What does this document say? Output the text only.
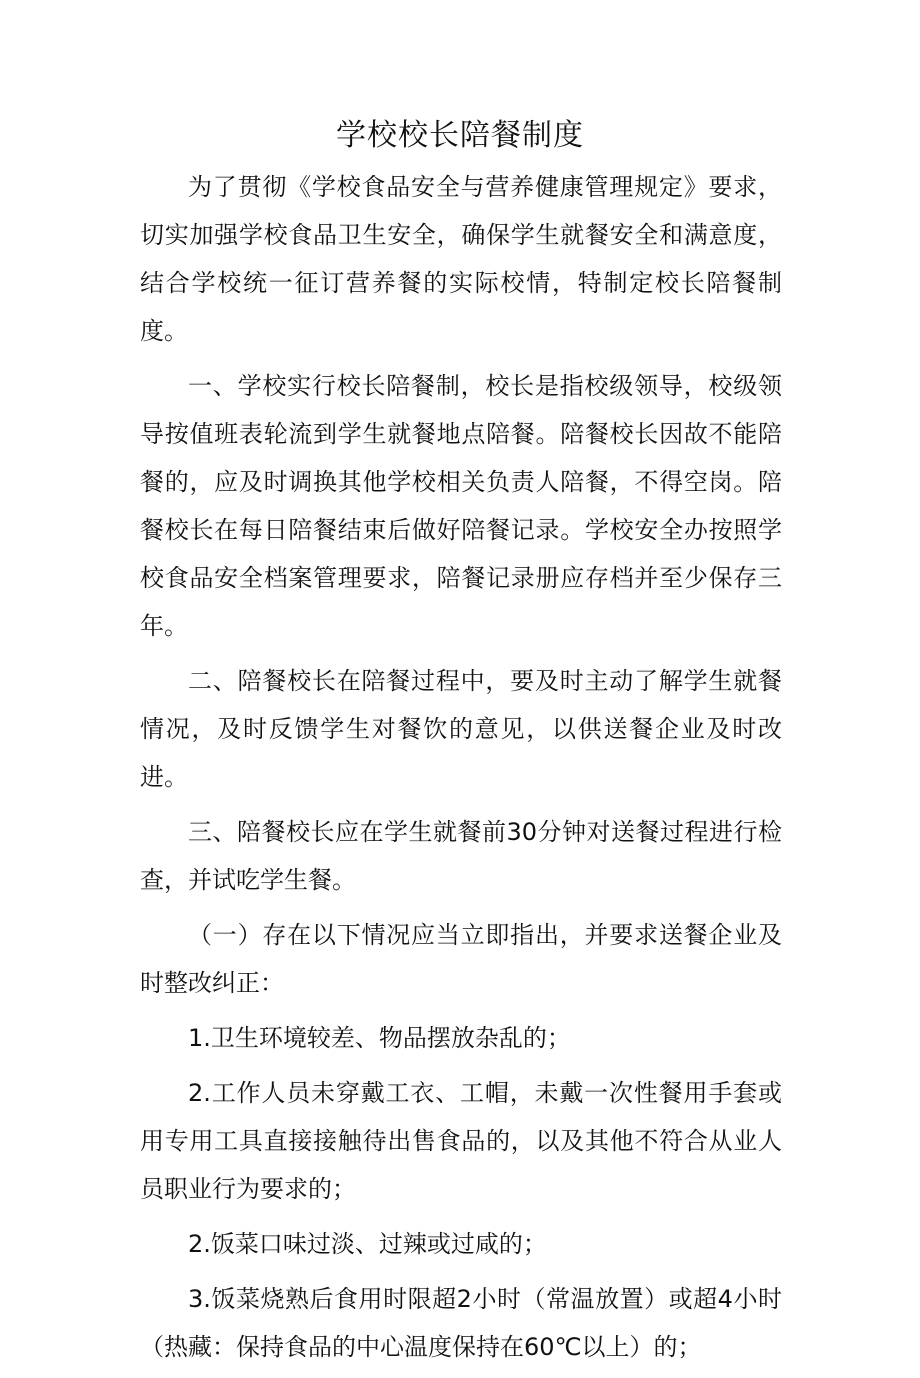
学校校长陪餐制度

为了贯彻《学校食品安全与营养健康管理规定》要求，切实加强学校食品卫生安全，确保学生就餐安全和满意度，结合学校统一征订营养餐的实际校情，特制定校长陪餐制度。

一、学校实行校长陪餐制，校长是指校级领导，校级领导按值班表轮流到学生就餐地点陪餐。陪餐校长因故不能陪餐的，应及时调换其他学校相关负责人陪餐，不得空岗。陪餐校长在每日陪餐结束后做好陪餐记录。学校安全办按照学校食品安全档案管理要求，陪餐记录册应存档并至少保存三年。

二、陪餐校长在陪餐过程中，要及时主动了解学生就餐情况，及时反馈学生对餐饮的意见，以供送餐企业及时改进。

三、陪餐校长应在学生就餐前30分钟对送餐过程进行检查，并试吃学生餐。

（一）存在以下情况应当立即指出，并要求送餐企业及时整改纠正：

1.卫生环境较差、物品摆放杂乱的；

2.工作人员未穿戴工衣、工帽，未戴一次性餐用手套或用专用工具直接接触待出售食品的，以及其他不符合从业人员职业行为要求的；

2.饭菜口味过淡、过辣或过咸的；

3.饭菜烧熟后食用时限超2小时（常温放置）或超4小时（热藏：保持食品的中心温度保持在60℃以上）的；
